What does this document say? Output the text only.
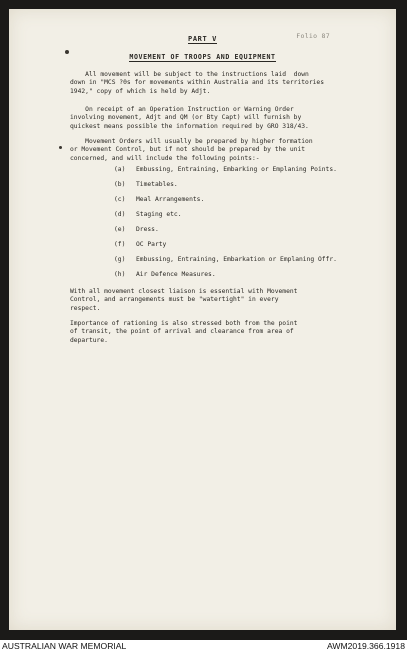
Folio 87
PART V
MOVEMENT OF TROOPS AND EQUIPMENT

All movement will be subject to the instructions laid  down
down in "MCS ?0s for movements within Australia and its territories
1942," copy of which is held by Adjt.

On receipt of an Operation Instruction or Warning Order
involving movement, Adjt and QM (or Bty Capt) will furnish by
quickest means possible the information required by GRO 318/43.

Movement Orders will usually be prepared by higher formation
or Movement Control, but if not should be prepared by the unit
concerned, and will include the following points:-

(a) Embussing, Entraining, Embarking or Emplaning Points.
(b) Timetables.
(c) Meal Arrangements.
(d) Staging etc.
(e) Dress.
(f) OC Party
(g) Embussing, Entraining, Embarkation or Emplaning Offr.
(h) Air Defence Measures.

With all movement closest liaison is essential with Movement
Control, and arrangements must be "watertight" in every
respect.

Importance of rationing is also stressed both from the point
of transit, the point of arrival and clearance from area of
departure.

AUSTRALIAN WAR MEMORIAL	AWM2019.366.1918
